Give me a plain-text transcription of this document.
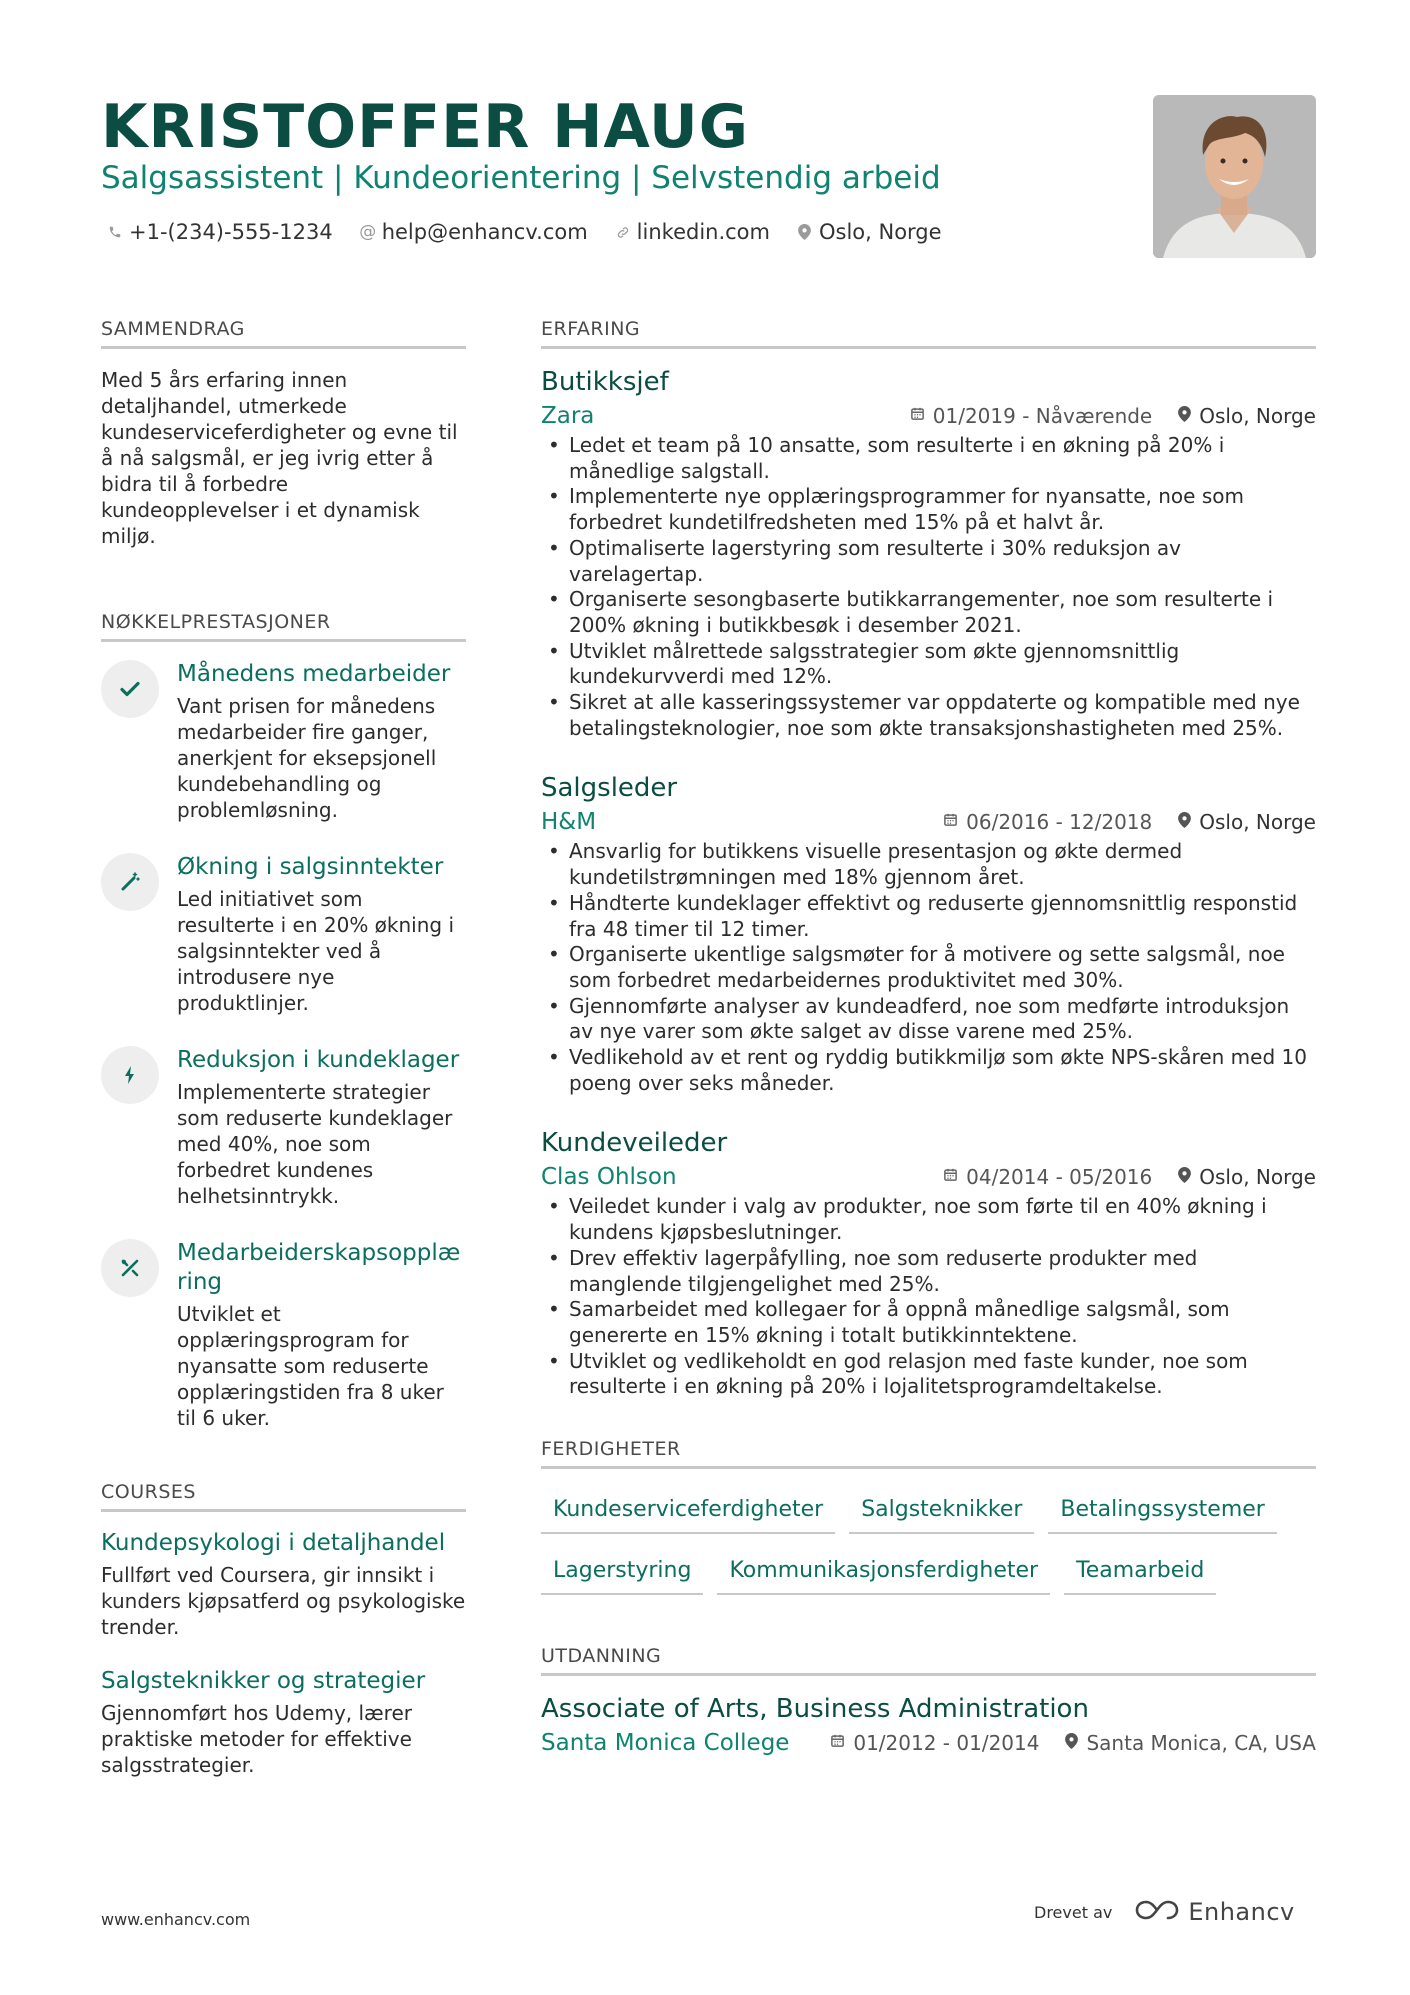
KRISTOFFER HAUG
Salgsassistent | Kundeorientering | Selvstendig arbeid
+1-(234)-555-1234 @ help@enhancv.com linkedin.com Oslo, Norge
SAMMENDRAG

Med 5 års erfaring innen detaljhandel, utmerkede kundeserviceferdigheter og evne til å nå salgsmål, er jeg ivrig etter å bidra til å forbedre kundeopplevelser i et dynamisk miljø.

NØKKELPRESTASJONER
Månedens medarbeider
Vant prisen for månedens medarbeider fire ganger, anerkjent for eksepsjonell kundebehandling og problemløsning.
Økning i salgsinntekter
Led initiativet som resulterte i en 20% økning i salgsinntekter ved å introdusere nye produktlinjer.
Reduksjon i kundeklager
Implementerte strategier som reduserte kundeklager med 40%, noe som forbedret kundenes helhetsinntrykk.
Medarbeiderskapsopplæring
Utviklet et opplæringsprogram for nyansatte som reduserte opplæringstiden fra 8 uker til 6 uker.
COURSES
Kundepsykologi i detaljhandel
Fullført ved Coursera, gir innsikt i kunders kjøpsatferd og psykologiske trender.
Salgsteknikker og strategier
Gjennomført hos Udemy, lærer praktiske metoder for effektive salgsstrategier.
ERFARING
Butikksjef
Zara	01/2019 - Nåværende Oslo, Norge
• Ledet et team på 10 ansatte, som resulterte i en økning på 20% i månedlige salgstall.
• Implementerte nye opplæringsprogrammer for nyansatte, noe som forbedret kundetilfredsheten med 15% på et halvt år.
• Optimaliserte lagerstyring som resulterte i 30% reduksjon av varelagertap.
• Organiserte sesongbaserte butikkarrangementer, noe som resulterte i 200% økning i butikkbesøk i desember 2021.
• Utviklet målrettede salgsstrategier som økte gjennomsnittlig kundekurvverdi med 12%.
• Sikret at alle kasseringssystemer var oppdaterte og kompatible med nye betalingsteknologier, noe som økte transaksjonshastigheten med 25%.
Salgsleder
H&M	06/2016 - 12/2018 Oslo, Norge
• Ansvarlig for butikkens visuelle presentasjon og økte dermed kundetilstrømningen med 18% gjennom året.
• Håndterte kundeklager effektivt og reduserte gjennomsnittlig responstid fra 48 timer til 12 timer.
• Organiserte ukentlige salgsmøter for å motivere og sette salgsmål, noe som forbedret medarbeidernes produktivitet med 30%.
• Gjennomførte analyser av kundeadferd, noe som medførte introduksjon av nye varer som økte salget av disse varene med 25%.
• Vedlikehold av et rent og ryddig butikkmiljø som økte NPS-skåren med 10 poeng over seks måneder.
Kundeveileder
Clas Ohlson	04/2014 - 05/2016 Oslo, Norge
• Veiledet kunder i valg av produkter, noe som førte til en 40% økning i kundens kjøpsbeslutninger.
• Drev effektiv lagerpåfylling, noe som reduserte produkter med manglende tilgjengelighet med 25%.
• Samarbeidet med kollegaer for å oppnå månedlige salgsmål, som genererte en 15% økning i totalt butikkinntektene.
• Utviklet og vedlikeholdt en god relasjon med faste kunder, noe som resulterte i en økning på 20% i lojalitetsprogramdeltakelse.
FERDIGHETER
Kundeserviceferdigheter	Salgsteknikker	Betalingssystemer
Lagerstyring	Kommunikasjonsferdigheter	Teamarbeid
UTDANNING
Associate of Arts, Business Administration
Santa Monica College	01/2012 - 01/2014 Santa Monica, CA, USA
www.enhancv.com	Drevet av	Enhancv
